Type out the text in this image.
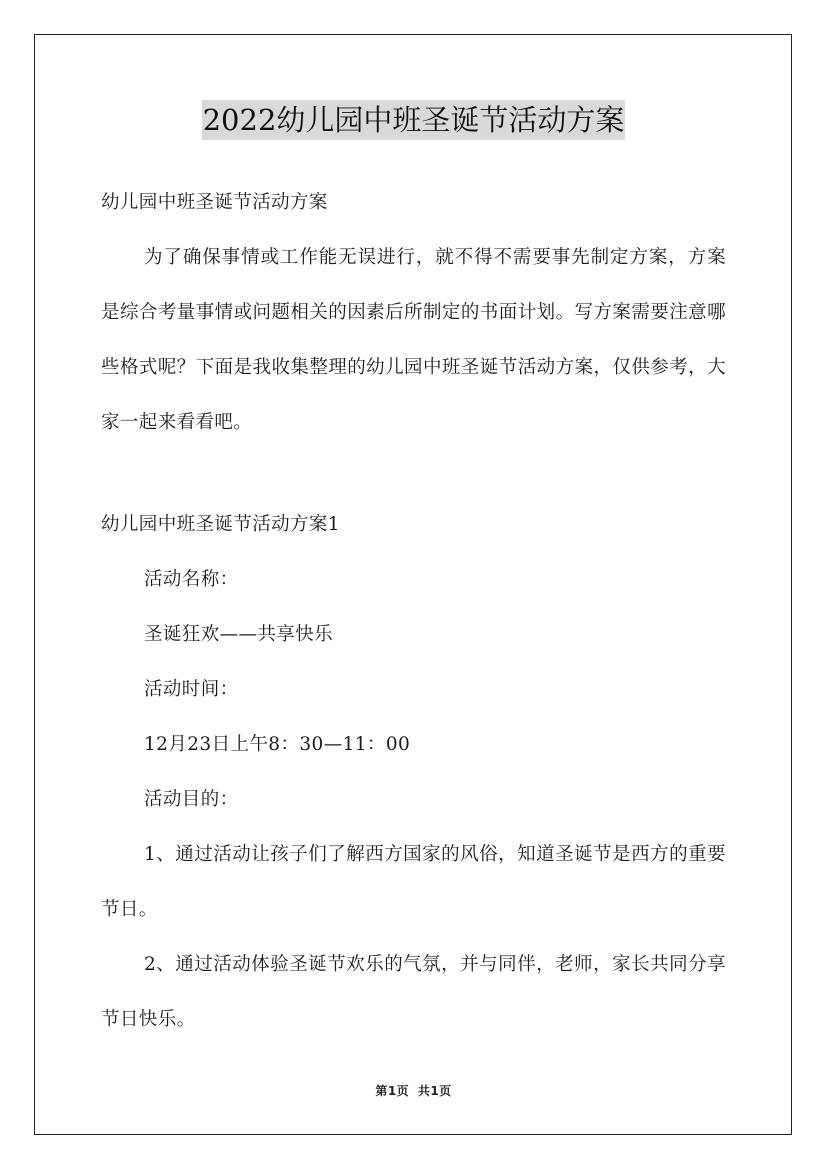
2022幼儿园中班圣诞节活动方案

幼儿园中班圣诞节活动方案

为了确保事情或工作能无误进行，就不得不需要事先制定方案，方案是综合考量事情或问题相关的因素后所制定的书面计划。写方案需要注意哪些格式呢？下面是我收集整理的幼儿园中班圣诞节活动方案，仅供参考，大家一起来看看吧。

幼儿园中班圣诞节活动方案1

活动名称：

圣诞狂欢——共享快乐

活动时间：

12月23日上午8：30—11：00

活动目的：

1、通过活动让孩子们了解西方国家的风俗，知道圣诞节是西方的重要节日。

2、通过活动体验圣诞节欢乐的气氛，并与同伴，老师，家长共同分享节日快乐。

第1页 共1页
